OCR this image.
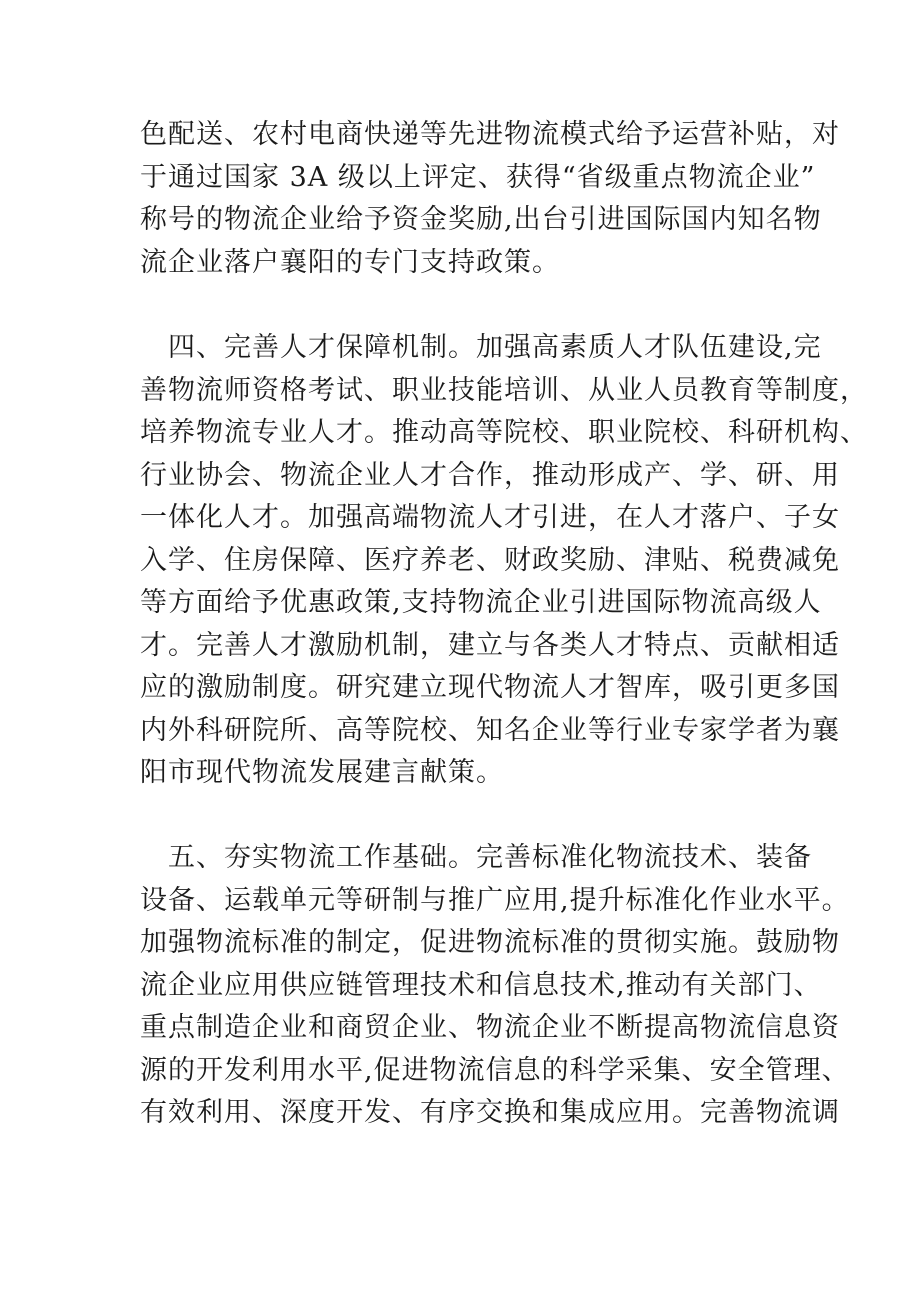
色配送、农村电商快递等先进物流模式给予运营补贴，对
于通过国家 3A 级以上评定、获得“省级重点物流企业”
称号的物流企业给予资金奖励,出台引进国际国内知名物
流企业落户襄阳的专门支持政策。

　四、完善人才保障机制。加强高素质人才队伍建设,完
善物流师资格考试、职业技能培训、从业人员教育等制度，
培养物流专业人才。推动高等院校、职业院校、科研机构、
行业协会、物流企业人才合作，推动形成产、学、研、用
一体化人才。加强高端物流人才引进，在人才落户、子女
入学、住房保障、医疗养老、财政奖励、津贴、税费减免
等方面给予优惠政策,支持物流企业引进国际物流高级人
才。完善人才激励机制，建立与各类人才特点、贡献相适
应的激励制度。研究建立现代物流人才智库，吸引更多国
内外科研院所、高等院校、知名企业等行业专家学者为襄
阳市现代物流发展建言献策。

　五、夯实物流工作基础。完善标准化物流技术、装备
设备、运载单元等研制与推广应用,提升标准化作业水平。
加强物流标准的制定，促进物流标准的贯彻实施。鼓励物
流企业应用供应链管理技术和信息技术,推动有关部门、
重点制造企业和商贸企业、物流企业不断提高物流信息资
源的开发利用水平,促进物流信息的科学采集、安全管理、
有效利用、深度开发、有序交换和集成应用。完善物流调
